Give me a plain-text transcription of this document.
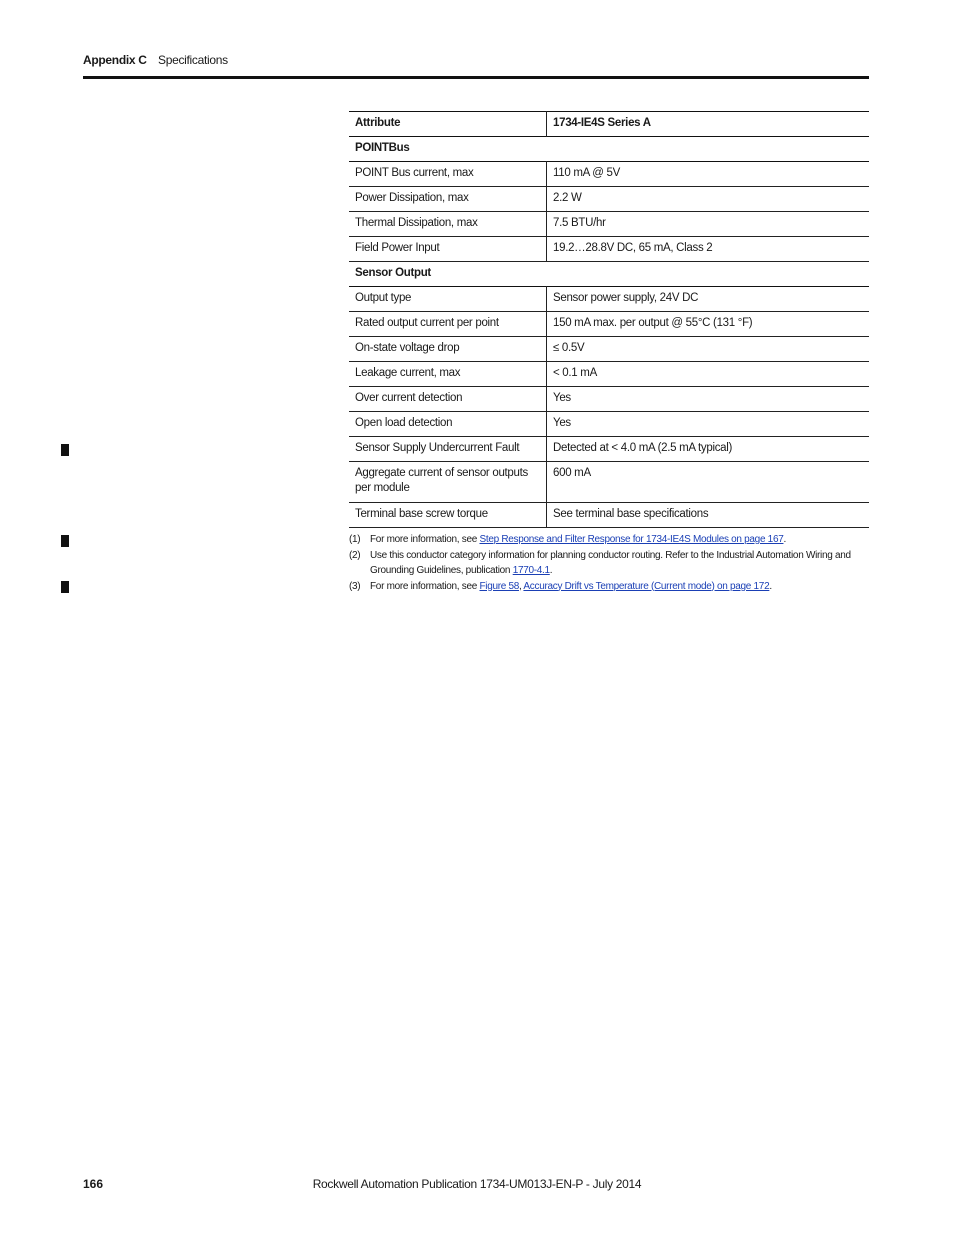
Appendix C Specifications
Attribute	1734-IE4S Series A
POINTBus	
POINT Bus current, max	110 mA @ 5V
Power Dissipation, max	2.2 W
Thermal Dissipation, max	7.5 BTU/hr
Field Power Input	19.2…28.8V DC, 65 mA, Class 2
Sensor Output	
Output type	Sensor power supply, 24V DC
Rated output current per point	150 mA max. per output @ 55°C (131 °F)
On-state voltage drop	≤ 0.5V
Leakage current, max	< 0.1 mA
Over current detection	Yes
Open load detection	Yes
Sensor Supply Undercurrent Fault	Detected at < 4.0 mA (2.5 mA typical)
Aggregate current of sensor outputs per module	600 mA
Terminal base screw torque	See terminal base specifications
(1) For more information, see Step Response and Filter Response for 1734-IE4S Modules on page 167.
(2) Use this conductor category information for planning conductor routing. Refer to the Industrial Automation Wiring and Grounding Guidelines, publication 1770-4.1.
(3) For more information, see Figure 58, Accuracy Drift vs Temperature (Current mode) on page 172.
Rockwell Automation Publication 1734-UM013J-EN-P - July 2014
166
